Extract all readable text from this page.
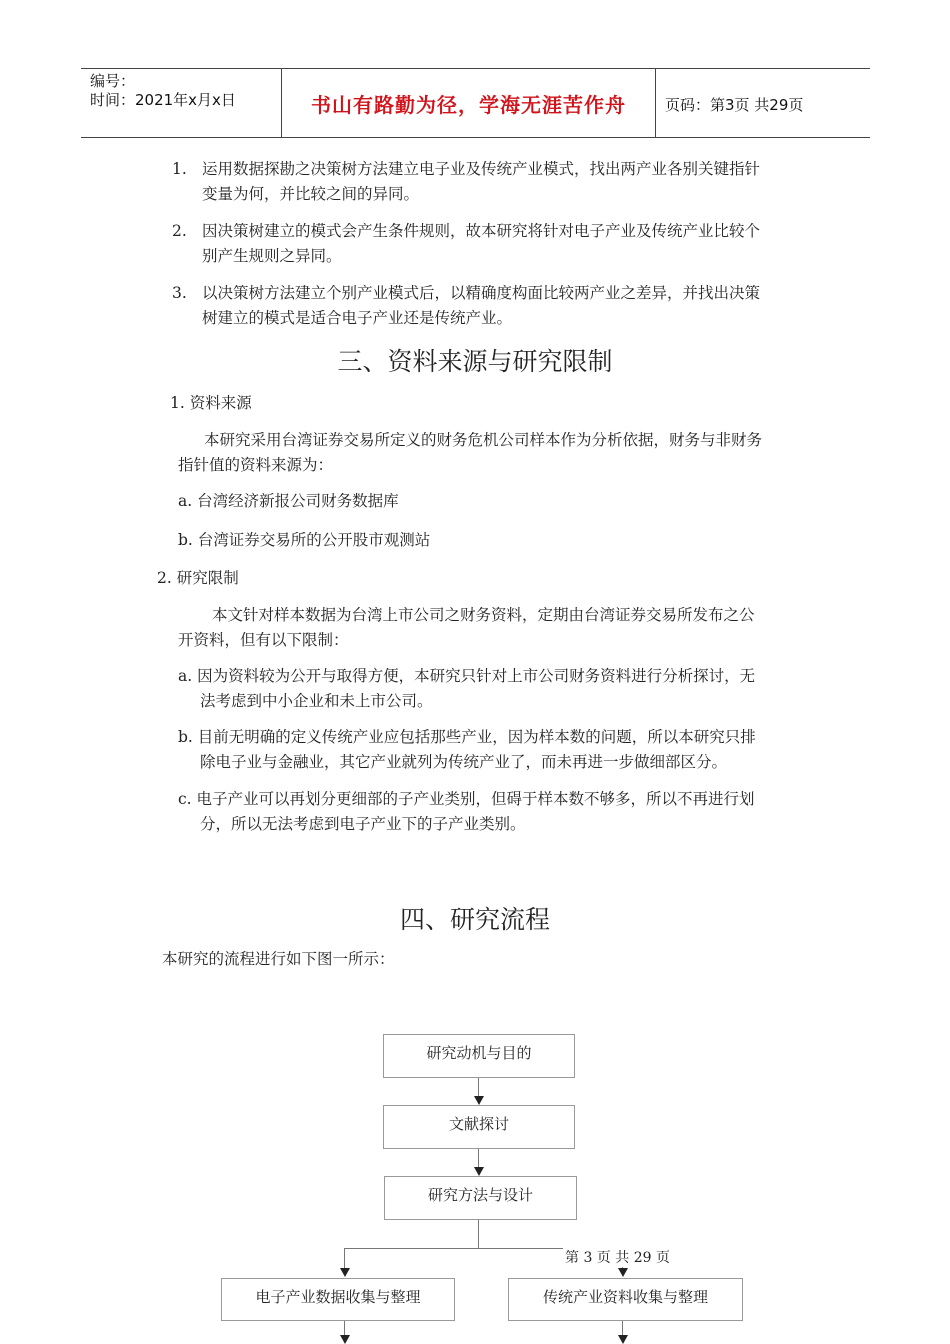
编号：
时间：2021年x月x日	书山有路勤为径，学海无涯苦作舟	页码：第3页 共29页
1. 运用数据探勘之决策树方法建立电子业及传统产业模式，找出两产业各别关键指针
变量为何，并比较之间的异同。
2. 因决策树建立的模式会产生条件规则，故本研究将针对电子产业及传统产业比较个
别产生规则之异同。
3. 以决策树方法建立个别产业模式后，以精确度构面比较两产业之差异，并找出决策
树建立的模式是适合电子产业还是传统产业。
三、资料来源与研究限制
1. 资料来源
本研究采用台湾证券交易所定义的财务危机公司样本作为分析依据，财务与非财务
指针值的资料来源为：
a. 台湾经济新报公司财务数据库
b. 台湾证券交易所的公开股市观测站
2. 研究限制
本文针对样本数据为台湾上市公司之财务资料，定期由台湾证券交易所发布之公
开资料，但有以下限制：
a. 因为资料较为公开与取得方便，本研究只针对上市公司财务资料进行分析探讨，无
法考虑到中小企业和未上市公司。
b. 目前无明确的定义传统产业应包括那些产业，因为样本数的问题，所以本研究只排
除电子业与金融业，其它产业就列为传统产业了，而未再进一步做细部区分。
c. 电子产业可以再划分更细部的子产业类别，但碍于样本数不够多，所以不再进行划
分，所以无法考虑到电子产业下的子产业类别。
四、研究流程
本研究的流程进行如下图一所示：
研究动机与目的
文献探讨
研究方法与设计
第 3 页 共 29 页
电子产业数据收集与整理	传统产业资料收集与整理
